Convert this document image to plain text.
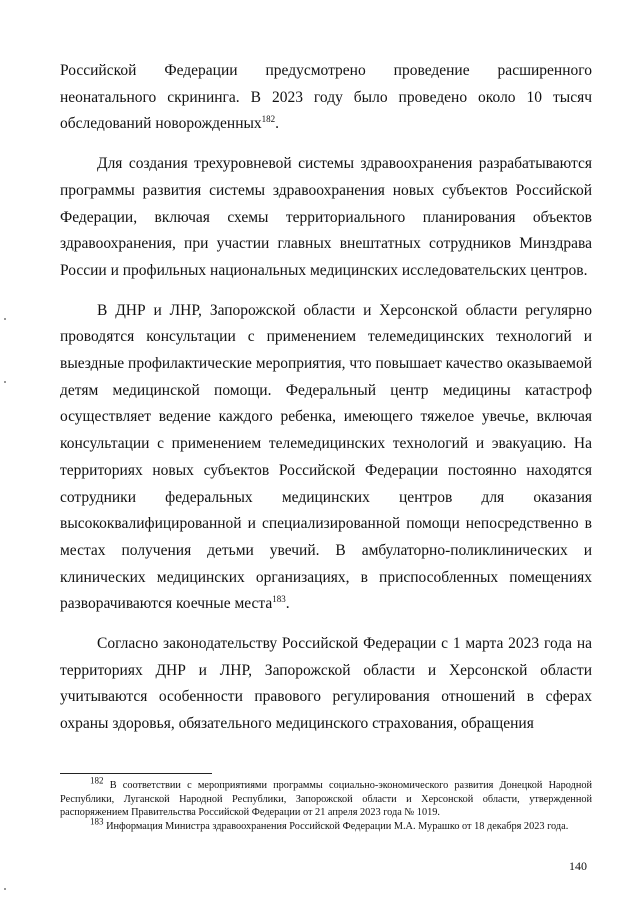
Российской Федерации предусмотрено проведение расширенного неонатального скрининга. В 2023 году было проведено около 10 тысяч обследований новорожденных$^{182}$.

Для создания трехуровневой системы здравоохранения разрабатываются программы развития системы здравоохранения новых субъектов Российской Федерации, включая схемы территориального планирования объектов здравоохранения, при участии главных внештатных сотрудников Минздрава России и профильных национальных медицинских исследовательских центров.

В ДНР и ЛНР, Запорожской области и Херсонской области регулярно проводятся консультации с применением телемедицинских технологий и выездные профилактические мероприятия, что повышает качество оказываемой детям медицинской помощи. Федеральный центр медицины катастроф осуществляет ведение каждого ребенка, имеющего тяжелое увечье, включая консультации с применением телемедицинских технологий и эвакуацию. На территориях новых субъектов Российской Федерации постоянно находятся сотрудники федеральных медицинских центров для оказания высококвалифицированной и специализированной помощи непосредственно в местах получения детьми увечий. В амбулаторно-поликлинических и клинических медицинских организациях, в приспособленных помещениях разворачиваются коечные места$^{183}$.

Согласно законодательству Российской Федерации с 1 марта 2023 года на территориях ДНР и ЛНР, Запорожской области и Херсонской области учитываются особенности правового регулирования отношений в сферах охраны здоровья, обязательного медицинского страхования, обращения

$^{182}$ В соответствии с мероприятиями программы социально-экономического развития Донецкой Народной Республики, Луганской Народной Республики, Запорожской области и Херсонской области, утвержденной распоряжением Правительства Российской Федерации от 21 апреля 2023 года № 1019.

$^{183}$ Информация Министра здравоохранения Российской Федерации М.А. Мурашко от 18 декабря 2023 года.

140
